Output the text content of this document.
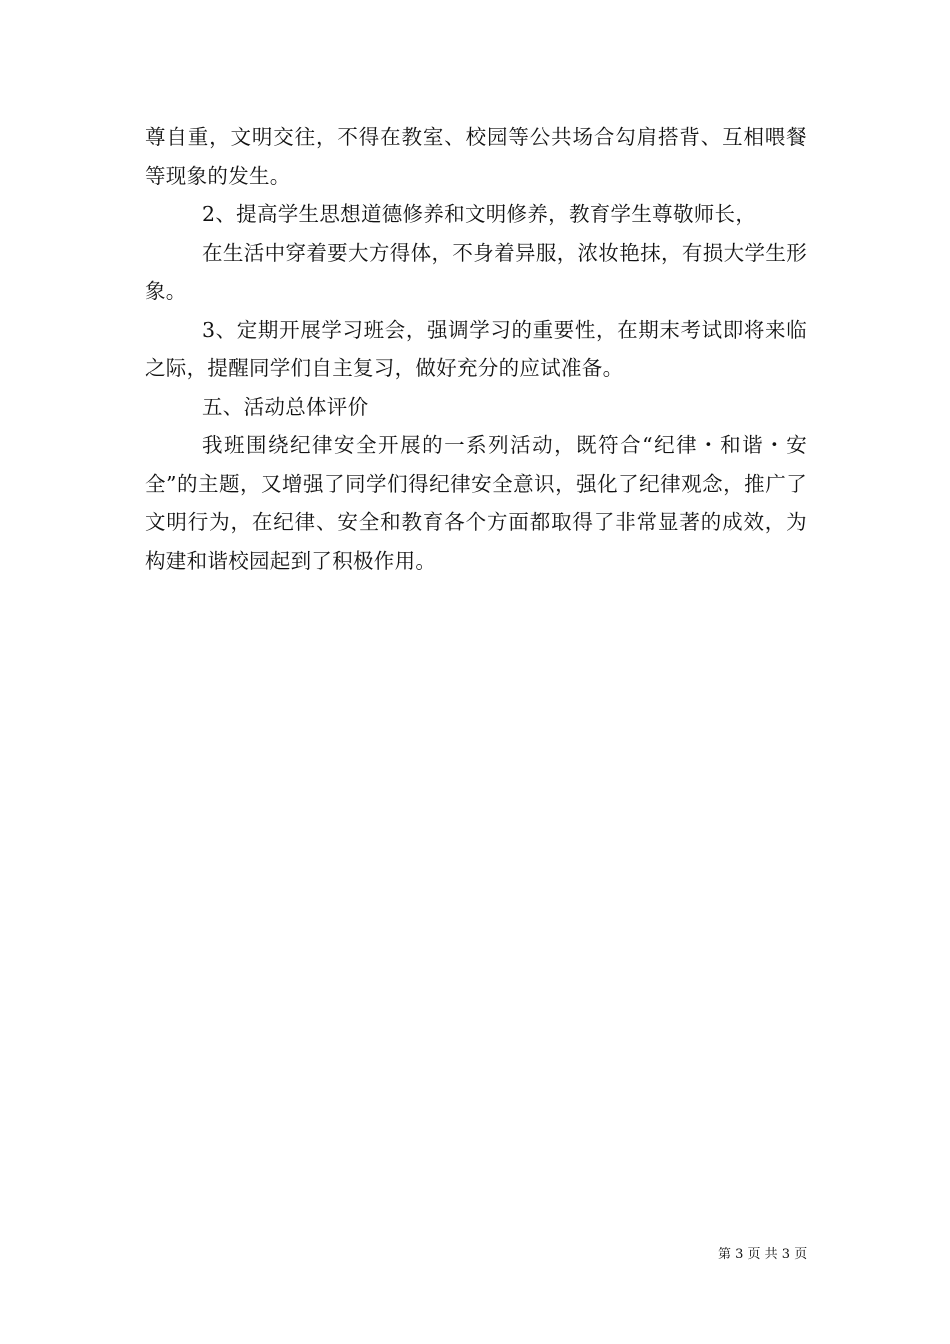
尊自重，文明交往，不得在教室、校园等公共场合勾肩搭背、互相喂餐等现象的发生。

2、提高学生思想道德修养和文明修养，教育学生尊敬师长，

在生活中穿着要大方得体，不身着异服，浓妆艳抹，有损大学生形象。

3、定期开展学习班会，强调学习的重要性，在期末考试即将来临之际，提醒同学们自主复习，做好充分的应试准备。

五、活动总体评价

我班围绕纪律安全开展的一系列活动，既符合“纪律・和谐・安全”的主题，又增强了同学们得纪律安全意识，强化了纪律观念，推广了文明行为，在纪律、安全和教育各个方面都取得了非常显著的成效，为构建和谐校园起到了积极作用。

第 3 页 共 3 页
